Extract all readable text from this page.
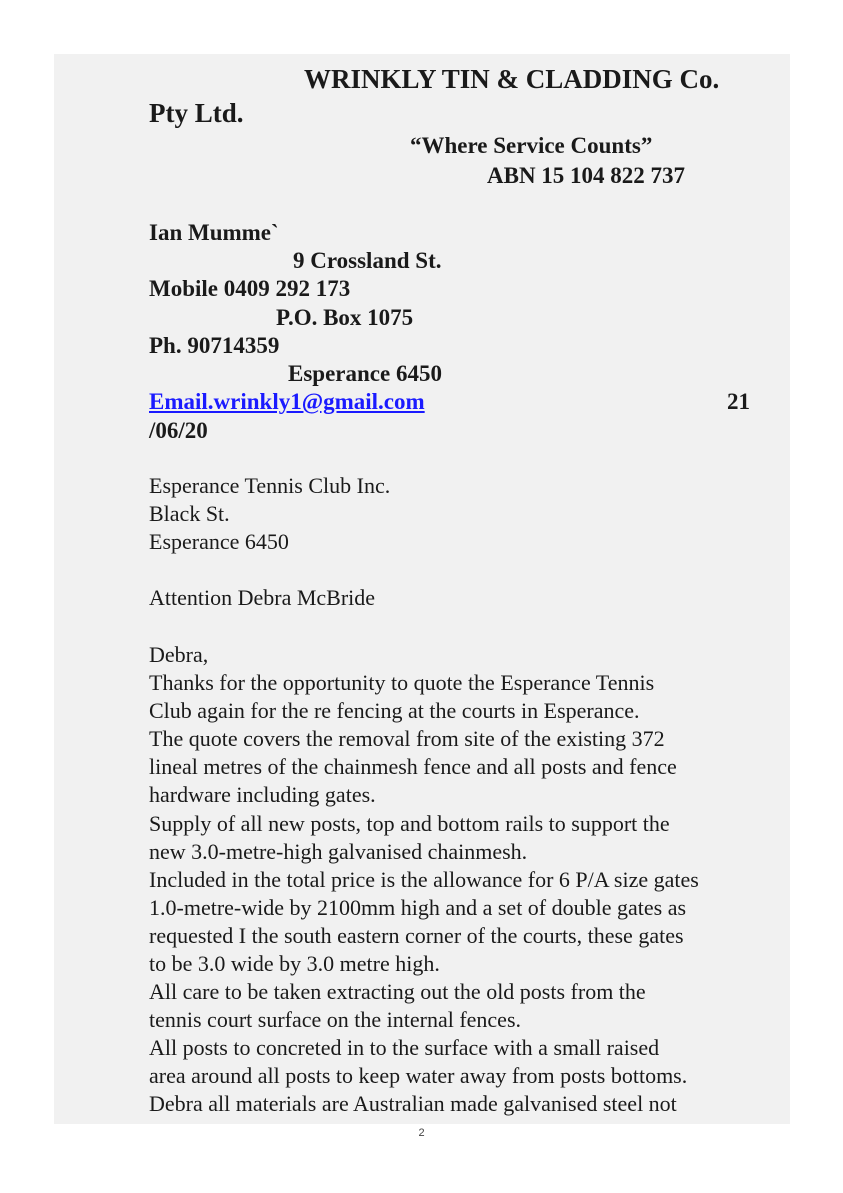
WRINKLY TIN & CLADDING Co.
Pty Ltd.
“Where Service Counts”
ABN 15 104 822 737
Ian Mumme`
9 Crossland St.
Mobile 0409 292 173
P.O. Box 1075
Ph. 90714359
Esperance 6450
Email.wrinkly1@gmail.com	21
/06/20
Esperance Tennis Club Inc.
Black St.
Esperance 6450
Attention Debra McBride
Debra,
Thanks for the opportunity to quote the Esperance Tennis
Club again for the re fencing at the courts in Esperance.
The quote covers the removal from site of the existing 372
lineal metres of the chainmesh fence and all posts and fence
hardware including gates.
Supply of all new posts, top and bottom rails to support the
new 3.0-metre-high galvanised chainmesh.
Included in the total price is the allowance for 6 P/A size gates
1.0-metre-wide by 2100mm high and a set of double gates as
requested I the south eastern corner of the courts, these gates
to be 3.0 wide by 3.0 metre high.
All care to be taken extracting out the old posts from the
tennis court surface on the internal fences.
All posts to concreted in to the surface with a small raised
area around all posts to keep water away from posts bottoms.
Debra all materials are Australian made galvanised steel not
2
